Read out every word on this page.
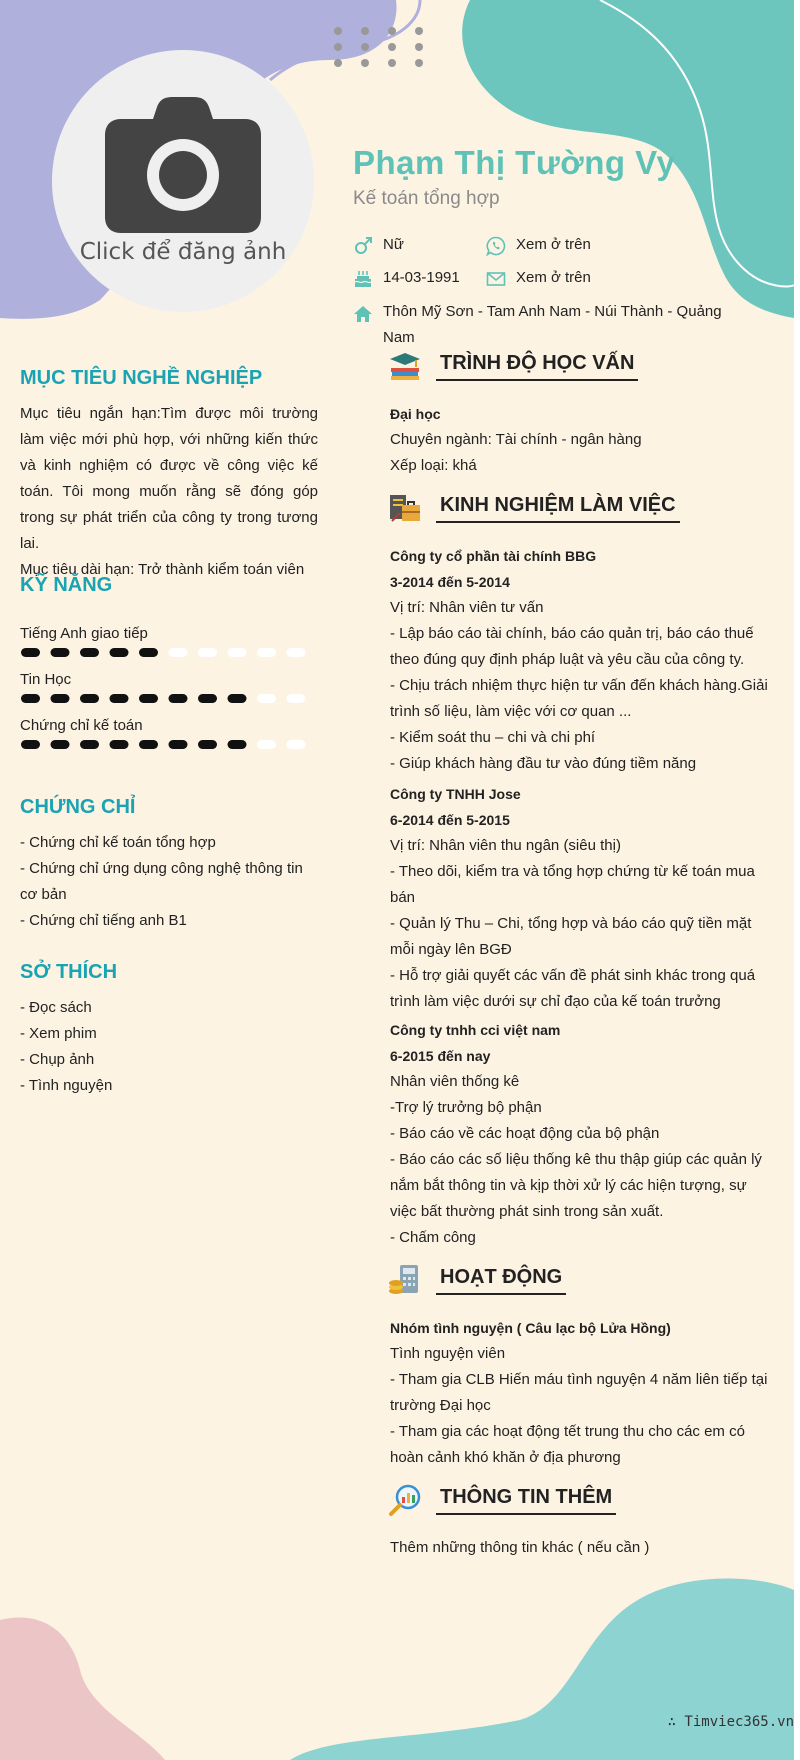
Click để đăng ảnh
Phạm Thị Tường Vy
Kế toán tổng hợp
Nữ	Xem ở trên
14-03-1991	Xem ở trên
Thôn Mỹ Sơn - Tam Anh Nam - Núi Thành - Quảng Nam
MỤC TIÊU NGHỀ NGHIỆP

Mục tiêu ngắn hạn:Tìm được môi trường làm việc mới phù hợp, với những kiến thức và kinh nghiệm có được về công việc kế toán. Tôi mong muốn rằng sẽ đóng góp trong sự phát triển của công ty trong tương lai.

Mục tiêu dài hạn: Trở thành kiểm toán viên

KỸ NĂNG
Tiếng Anh giao tiếp
Tin Học
Chứng chỉ kế toán
CHỨNG CHỈ
- Chứng chỉ kế toán tổng hợp
- Chứng chỉ ứng dụng công nghệ thông tin cơ bản
- Chứng chỉ tiếng anh B1
SỞ THÍCH
- Đọc sách
- Xem phim
- Chụp ảnh
- Tình nguyện
TRÌNH ĐỘ HỌC VẤN
Đại học
Chuyên ngành: Tài chính - ngân hàng
Xếp loại: khá
KINH NGHIỆM LÀM VIỆC
Công ty cổ phần tài chính BBG
3-2014 đến 5-2014
Vị trí: Nhân viên tư vấn
- Lập báo cáo tài chính, báo cáo quản trị, báo cáo thuế theo đúng quy định pháp luật và yêu cầu của công ty.
- Chịu trách nhiệm thực hiện tư vấn đến khách hàng.Giải trình số liệu, làm việc với cơ quan ...
- Kiểm soát thu – chi và chi phí
- Giúp khách hàng đầu tư vào đúng tiềm năng
Công ty TNHH Jose
6-2014 đến 5-2015
Vị trí: Nhân viên thu ngân (siêu thị)
- Theo dõi, kiểm tra và tổng hợp chứng từ kế toán mua bán
- Quản lý Thu – Chi, tổng hợp và báo cáo quỹ tiền mặt mỗi ngày lên BGĐ
- Hỗ trợ giải quyết các vấn đề phát sinh khác trong quá trình làm việc dưới sự chỉ đạo của kế toán trưởng
Công ty tnhh cci việt nam
6-2015 đến nay
Nhân viên thống kê
-Trợ lý trưởng bộ phận
- Báo cáo về các hoạt động của bộ phận
- Báo cáo các số liệu thống kê thu thập giúp các quản lý nắm bắt thông tin và kịp thời xử lý các hiện tượng, sự việc bất thường phát sinh trong sản xuất.
- Chấm công
HOẠT ĐỘNG
Nhóm tình nguyện ( Câu lạc bộ Lửa Hồng)
Tình nguyện viên
- Tham gia CLB Hiến máu tình nguyện 4 năm liên tiếp tại trường Đại học
- Tham gia các hoạt động tết trung thu cho các em có hoàn cảnh khó khăn ở địa phương
THÔNG TIN THÊM
Thêm những thông tin khác ( nếu cần )
∴ Timviec365.vn
